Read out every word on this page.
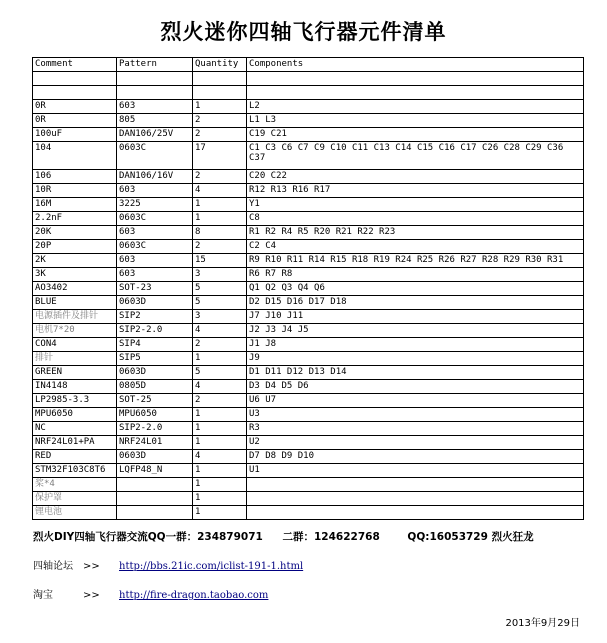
烈火迷你四轴飞行器元件清单
Comment	Pattern	Quantity	Components

0R	603	1	L2
0R	805	2	L1 L3
100uF	DAN106/25V	2	C19 C21
104	0603C	17	C1 C3 C6 C7 C9 C10 C11 C13 C14 C15 C16 C17 C26 C28 C29 C36 C37
106	DAN106/16V	2	C20 C22
10R	603	4	R12 R13 R16 R17
16M	3225	1	Y1
2.2nF	0603C	1	C8
20K	603	8	R1 R2 R4 R5 R20 R21 R22 R23
20P	0603C	2	C2 C4
2K	603	15	R9 R10 R11 R14 R15 R18 R19 R24 R25 R26 R27 R28 R29 R30 R31
3K	603	3	R6 R7 R8
AO3402	SOT-23	5	Q1 Q2 Q3 Q4 Q6
BLUE	0603D	5	D2 D15 D16 D17 D18
电源插件及排针	SIP2	3	J7 J10 J11
电机7*20	SIP2-2.0	4	J2 J3 J4 J5
CON4	SIP4	2	J1 J8
排针	SIP5	1	J9
GREEN	0603D	5	D1 D11 D12 D13 D14
IN4148	0805D	4	D3 D4 D5 D6
LP2985-3.3	SOT-25	2	U6 U7
MPU6050	MPU6050	1	U3
NC	SIP2-2.0	1	R3
NRF24L01+PA	NRF24L01	1	U2
RED	0603D	4	D7 D8 D9 D10
STM32F103C8T6	LQFP48_N	1	U1
桨*4		1	
保护罩		1	
锂电池		1	
烈火DIY四轴飞行器交流QQ一群：234879071 二群：124622768	QQ:16053729 烈火狂龙
四轴论坛 >> http://bbs.21ic.com/iclist-191-1.html
淘宝	>> http://fire-dragon.taobao.com
2013年9月29日
